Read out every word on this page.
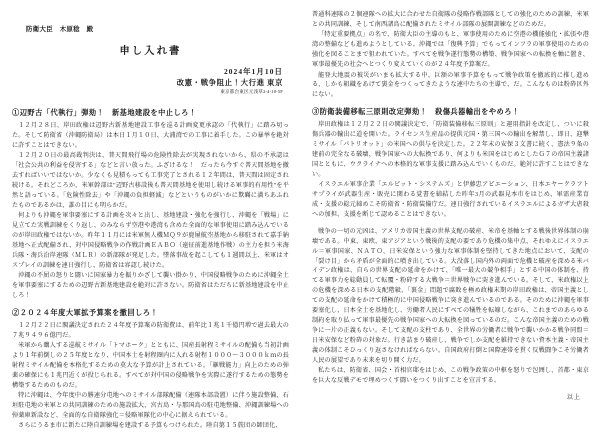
防衛大臣　木原稔　殿
申し入れ書
2024年1月10日
改憲・戦争阻止！大行進 東京
東京都台東区元浅草2-4-10-5F
①辺野古「代執行」弾劾！　新基地建設を中止しろ！

１２月２８日、岸田政権は辺野古新基地建設工事を巡る計画変更承認の「代執行」に踏み切った。そして防衛省（沖縄防衛局）は本日１月１０日、大浦湾での工事に着手した。この暴挙を絶対に許すことはできない。

１２月２０日の最高裁判決は、普天間飛行場の危険性除去が実現されないから、県の不承認は「社会公共の利益を侵害する」などと言い放った。ふざけるな！　だったら今すぐ普天間基地を撤去すればいいではないか。少なくも見積もっても工事完了とされる１２年間は、普天間は固定され続ける。それどころか、米軍幹部は"辺野古移設後も普天間基地を使用し続ける軍事的有用性"を平然と語っている。「危険性除去」や「沖縄の負担軽減」などというものがいかに欺瞞に満ちあふれたものであるかは、誰の目にも明らかだ。

何よりも沖縄を軍事要塞にする計画を次々と出し、基地建設・強化を強行し、沖縄を「戦場」に見立てた実戦訓練をくり返し、のみならず空港や港湾も含めた全面的な軍事使用に踏み込んでいるのが岸田政権ではないか。昨年１１月には米軍無人機ＭＱ９が鹿屋航空基地から移駐されて嘉手納基地へ正式配備され、対中国侵略戦争の作戦計画ＥＡＢＯ（遠征前進基地作戦）の主力を担う米海兵隊・海兵沿岸連隊（ＭＬＲ）の新部隊が発足した。墜落事故を起こしても１週間以上、米軍はオスプレイの訓練を連日強行し、防衛省は容認し続けた。

沖縄の不屈の怒りと闘いに国家暴力を振りかざして襲い掛かり、中国侵略戦争のために沖縄全土を軍事要塞にするための辺野古新基地建設を絶対に許さない。防衛省はただちに新基地建設を中止しろ！

②２０２４年度大軍拡予算案を撤回しろ！

１２月２２日に閣議決定された２４年度予算案の防衛費は、前年比１兆１千億円増で過去最大の７兆９４９６億円だ。

米軍から購入する巡航ミサイル「トマホーク」とともに、国産長射程ミサイルの配備も当初計画より１年前倒しの２５年度となり、中国本土を射程圏内に入れる射程１０００〜３０００ｋｍの長射程ミサイル配備を本格化するための莫大な予算が計上されている。「継戦能力」向上のための弾薬の確保にも１兆円近くが投じられる。すべてが対中国の侵略戦争を実際に遂行するための態勢を構築するためのものだ。

特に沖縄は、今年度中の勝連分屯地へのミサイル部隊配備（連隊本部設置）に伴う施設整備、石垣駐屯地の米軍との共同訓練のための施設拡大、宮古島・与那国島の駐屯地整備、沖縄訓練場への弾薬庫新設など、全面的な自衛隊強化＝侵略軍隊化の中心に据えられている。

さらにうるま市に新たに陸自訓練場を建設する予算もつけられた。陸自第１５旅団の師団化、

普通科連隊の２個連隊への拡大に合わせた自衛隊の侵略作戦部隊としての強化のための訓練、米軍との共同訓練、そして南西諸島に配備されたミサイル部隊の展開訓練などのためだ。

「特定重要拠点」の名で、防衛大臣の主導のもと、軍事使用のために空港の機能強化・拡張や港湾の整備なども進めようとしている。沖縄では「復興予算」でもってインフラの軍事使用のための強化を図ることまで狙われていた。すべてを戦争遂行態勢の構築、戦争国家への転換を軸に置き、軍事最優先の社会へとつくり変えていくのが２４年度予算案だ。

能登大地震の被災がいまも拡大する中、巨額の軍事予算をもって戦争政策を徹底的に推し進める、しかも組織をあげて裏金をつくってきたような連中たちの主導で、だ。こんなものは粉砕区外にない。

③防衛装備移転三原則改定弾劾！　殺傷兵器輸出をやめろ！

岸田政権は１２月２２日の閣議決定で、「防衛装備移転三原則」と運用指針を改定し、ついに殺傷兵器の輸出に道を開いた。ライセンス生産品の提供元国・第三国への輸出を解禁し、即日、迎撃ミサイル「パトリオット」の米国への供与を決定した。２２年末の安保３文書に続く、憲法９条の建前の完全なる破壊、戦争国家への大転換であり、何よりも米国をはじめとしたＧ７の帝国主義諸国とともに、ウクライナへの本格的な軍事支援に踏み込んでいくものだ。絶対に許すことはできない。

イスラエル軍事企業「エルビット・システムズ」と伊藤忠アビエーション、日本エヤークラフトサプライが武器生産・販売に関わる覚書を締結した昨年3月の武器見本市をはじめ、軍需産業育成・支援の総元締めこそ防衛省・防衛装備庁だ。連日強行されているイスラエルによるガザ大虐殺への加担、支援を断じて認めることはできない。

戦争の一切の元凶は、アメリカ帝国主義の世界支配の破産、米帝を基軸とする戦後世界体制の崩壊である。中東、東欧、東アジアという戦後的支配の要であり危機の集中点、それゆえにイスラエル＝軍事国家、ＮＡＴＯ、日米安保という強力な軍事体制を堅持してきた地点において、支配の「裂け目」から矛盾が全面的に噴き出している。大没落し国内外の両面で危機と破産を深める米バイデン政権は、自らの世界支配の延命をかけて、「唯一最大の競争相手」とする中国の体制を、持てる軍事力を総動員して転覆・粉砕する大戦争＝世界戦争に突き進んでいる。そして、米政権以上の危機を深める日本の支配階級、「裏金」問題で腐敗を極め政権末期の岸田政権は、帝国主義としての支配の延命をかけて積極的に中国侵略戦争に突き進んでいるのである。そのために沖縄を軍事要塞化し、日本全土を基地化し、労働者人民にすべての犠牲を転嫁しながら、これまでのあらゆる制約を取り払って軍事最優先の戦争国家への大転換を図っているのだ。こんな帝国主義のための戦争に一片の正義もない。そして支配の支柱であり、全世界の労働者に戦争で襲いかかる戦争同盟＝日米安保など粉砕の対象だ。行き詰まり破産し、戦争でしか支配を維持できない資本主義・帝国主義の体制こそひっくり返さなければならない。自国政府打倒と国際連帯を貫く反戦闘争こそ労働者人民の展望であり未来を切り開く力だ。

私たちは、防衛省、国会・首相官邸をはじめ、この戦争政策の中枢を怒りで包囲し、首都・東京を巨大な反戦デモで埋めつくす闘いをつくり出すことを宣言する。

以上
